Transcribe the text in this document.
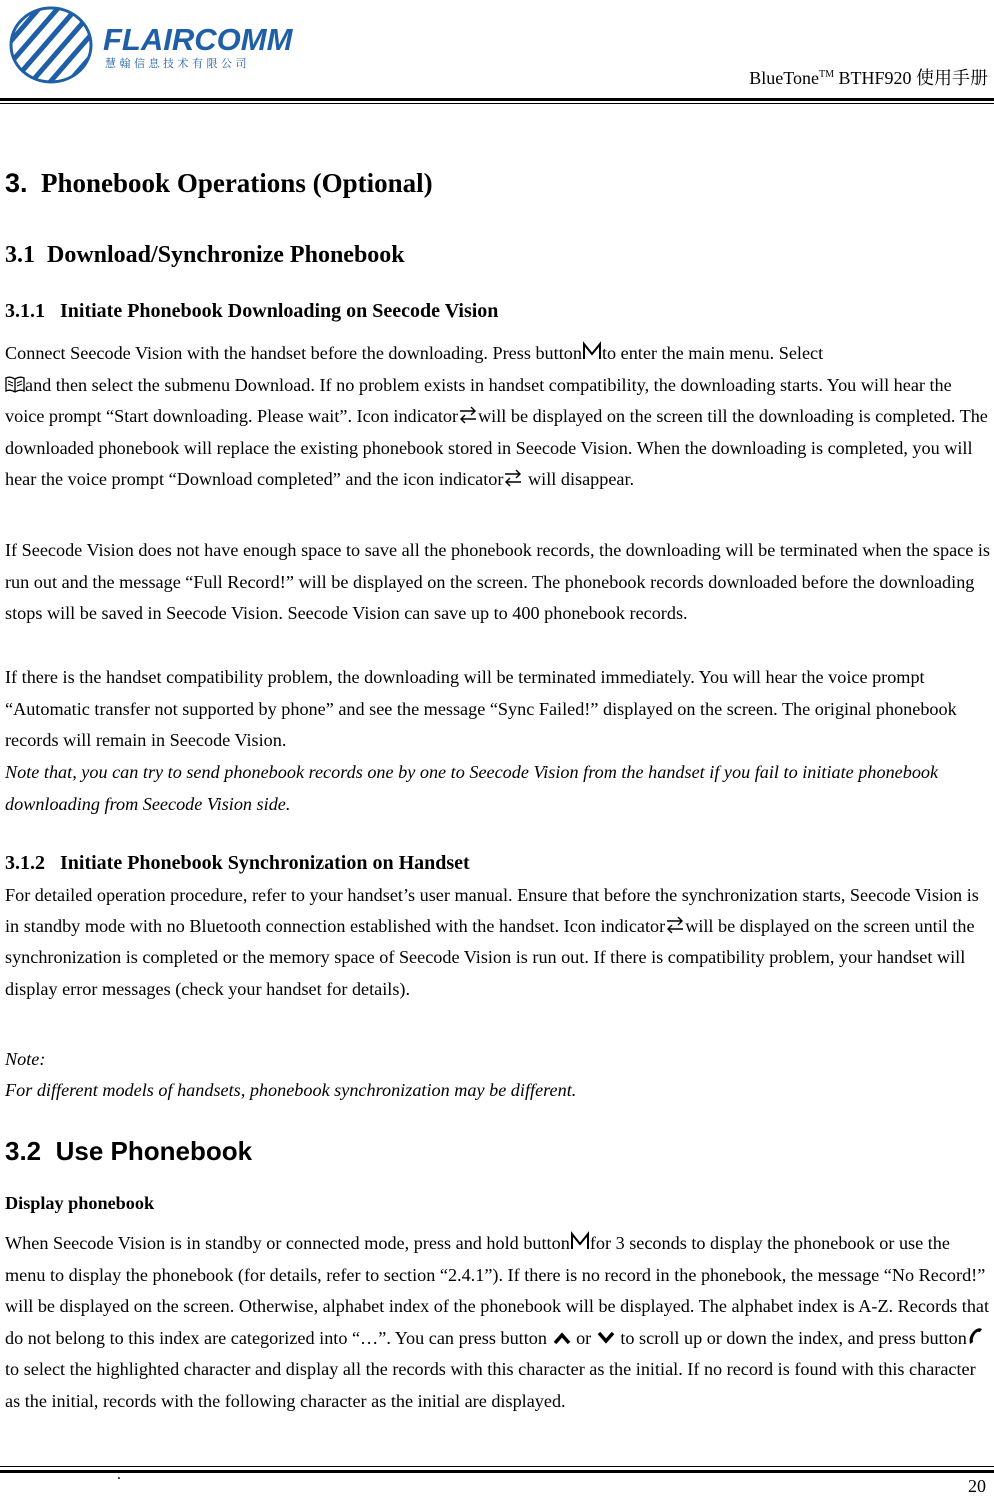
FLAIRCOMM
慧 翰 信 息 技 术 有 限 公 司
BlueTone™ BTHF920 使用手册
3. Phonebook Operations (Optional)
3.1 Download/Synchronize Phonebook
3.1.1 Initiate Phonebook Downloading on Seecode Vision

Connect Seecode Vision with the handset before the downloading. Press button to enter the main menu. Select
and then select the submenu Download. If no problem exists in handset compatibility, the downloading starts. You will hear the voice prompt “Start downloading. Please wait”. Icon indicator will be displayed on the screen till the downloading is completed. The downloaded phonebook will replace the existing phonebook stored in Seecode Vision. When the downloading is completed, you will hear the voice prompt “Download completed” and the icon indicator will disappear.

If Seecode Vision does not have enough space to save all the phonebook records, the downloading will be terminated when the space is run out and the message “Full Record!” will be displayed on the screen. The phonebook records downloaded before the downloading stops will be saved in Seecode Vision. Seecode Vision can save up to 400 phonebook records.

If there is the handset compatibility problem, the downloading will be terminated immediately. You will hear the voice prompt “Automatic transfer not supported by phone” and see the message “Sync Failed!” displayed on the screen. The original phonebook records will remain in Seecode Vision.

Note that, you can try to send phonebook records one by one to Seecode Vision from the handset if you fail to initiate phonebook downloading from Seecode Vision side.

3.1.2 Initiate Phonebook Synchronization on Handset

For detailed operation procedure, refer to your handset’s user manual. Ensure that before the synchronization starts, Seecode Vision is in standby mode with no Bluetooth connection established with the handset. Icon indicator will be displayed on the screen until the synchronization is completed or the memory space of Seecode Vision is run out. If there is compatibility problem, your handset will display error messages (check your handset for details).

Note:

For different models of handsets, phonebook synchronization may be different.

3.2 Use Phonebook
Display phonebook

When Seecode Vision is in standby or connected mode, press and hold button for 3 seconds to display the phonebook or use the menu to display the phonebook (for details, refer to section “2.4.1”). If there is no record in the phonebook, the message “No Record!” will be displayed on the screen. Otherwise, alphabet index of the phonebook will be displayed. The alphabet index is A-Z. Records that do not belong to this index are categorized into “…”. You can press button  or  to scroll up or down the index, and press buttonto select the highlighted character and display all the records with this character as the initial. If no record is found with this character as the initial, records with the following character as the initial are displayed.

.
20
